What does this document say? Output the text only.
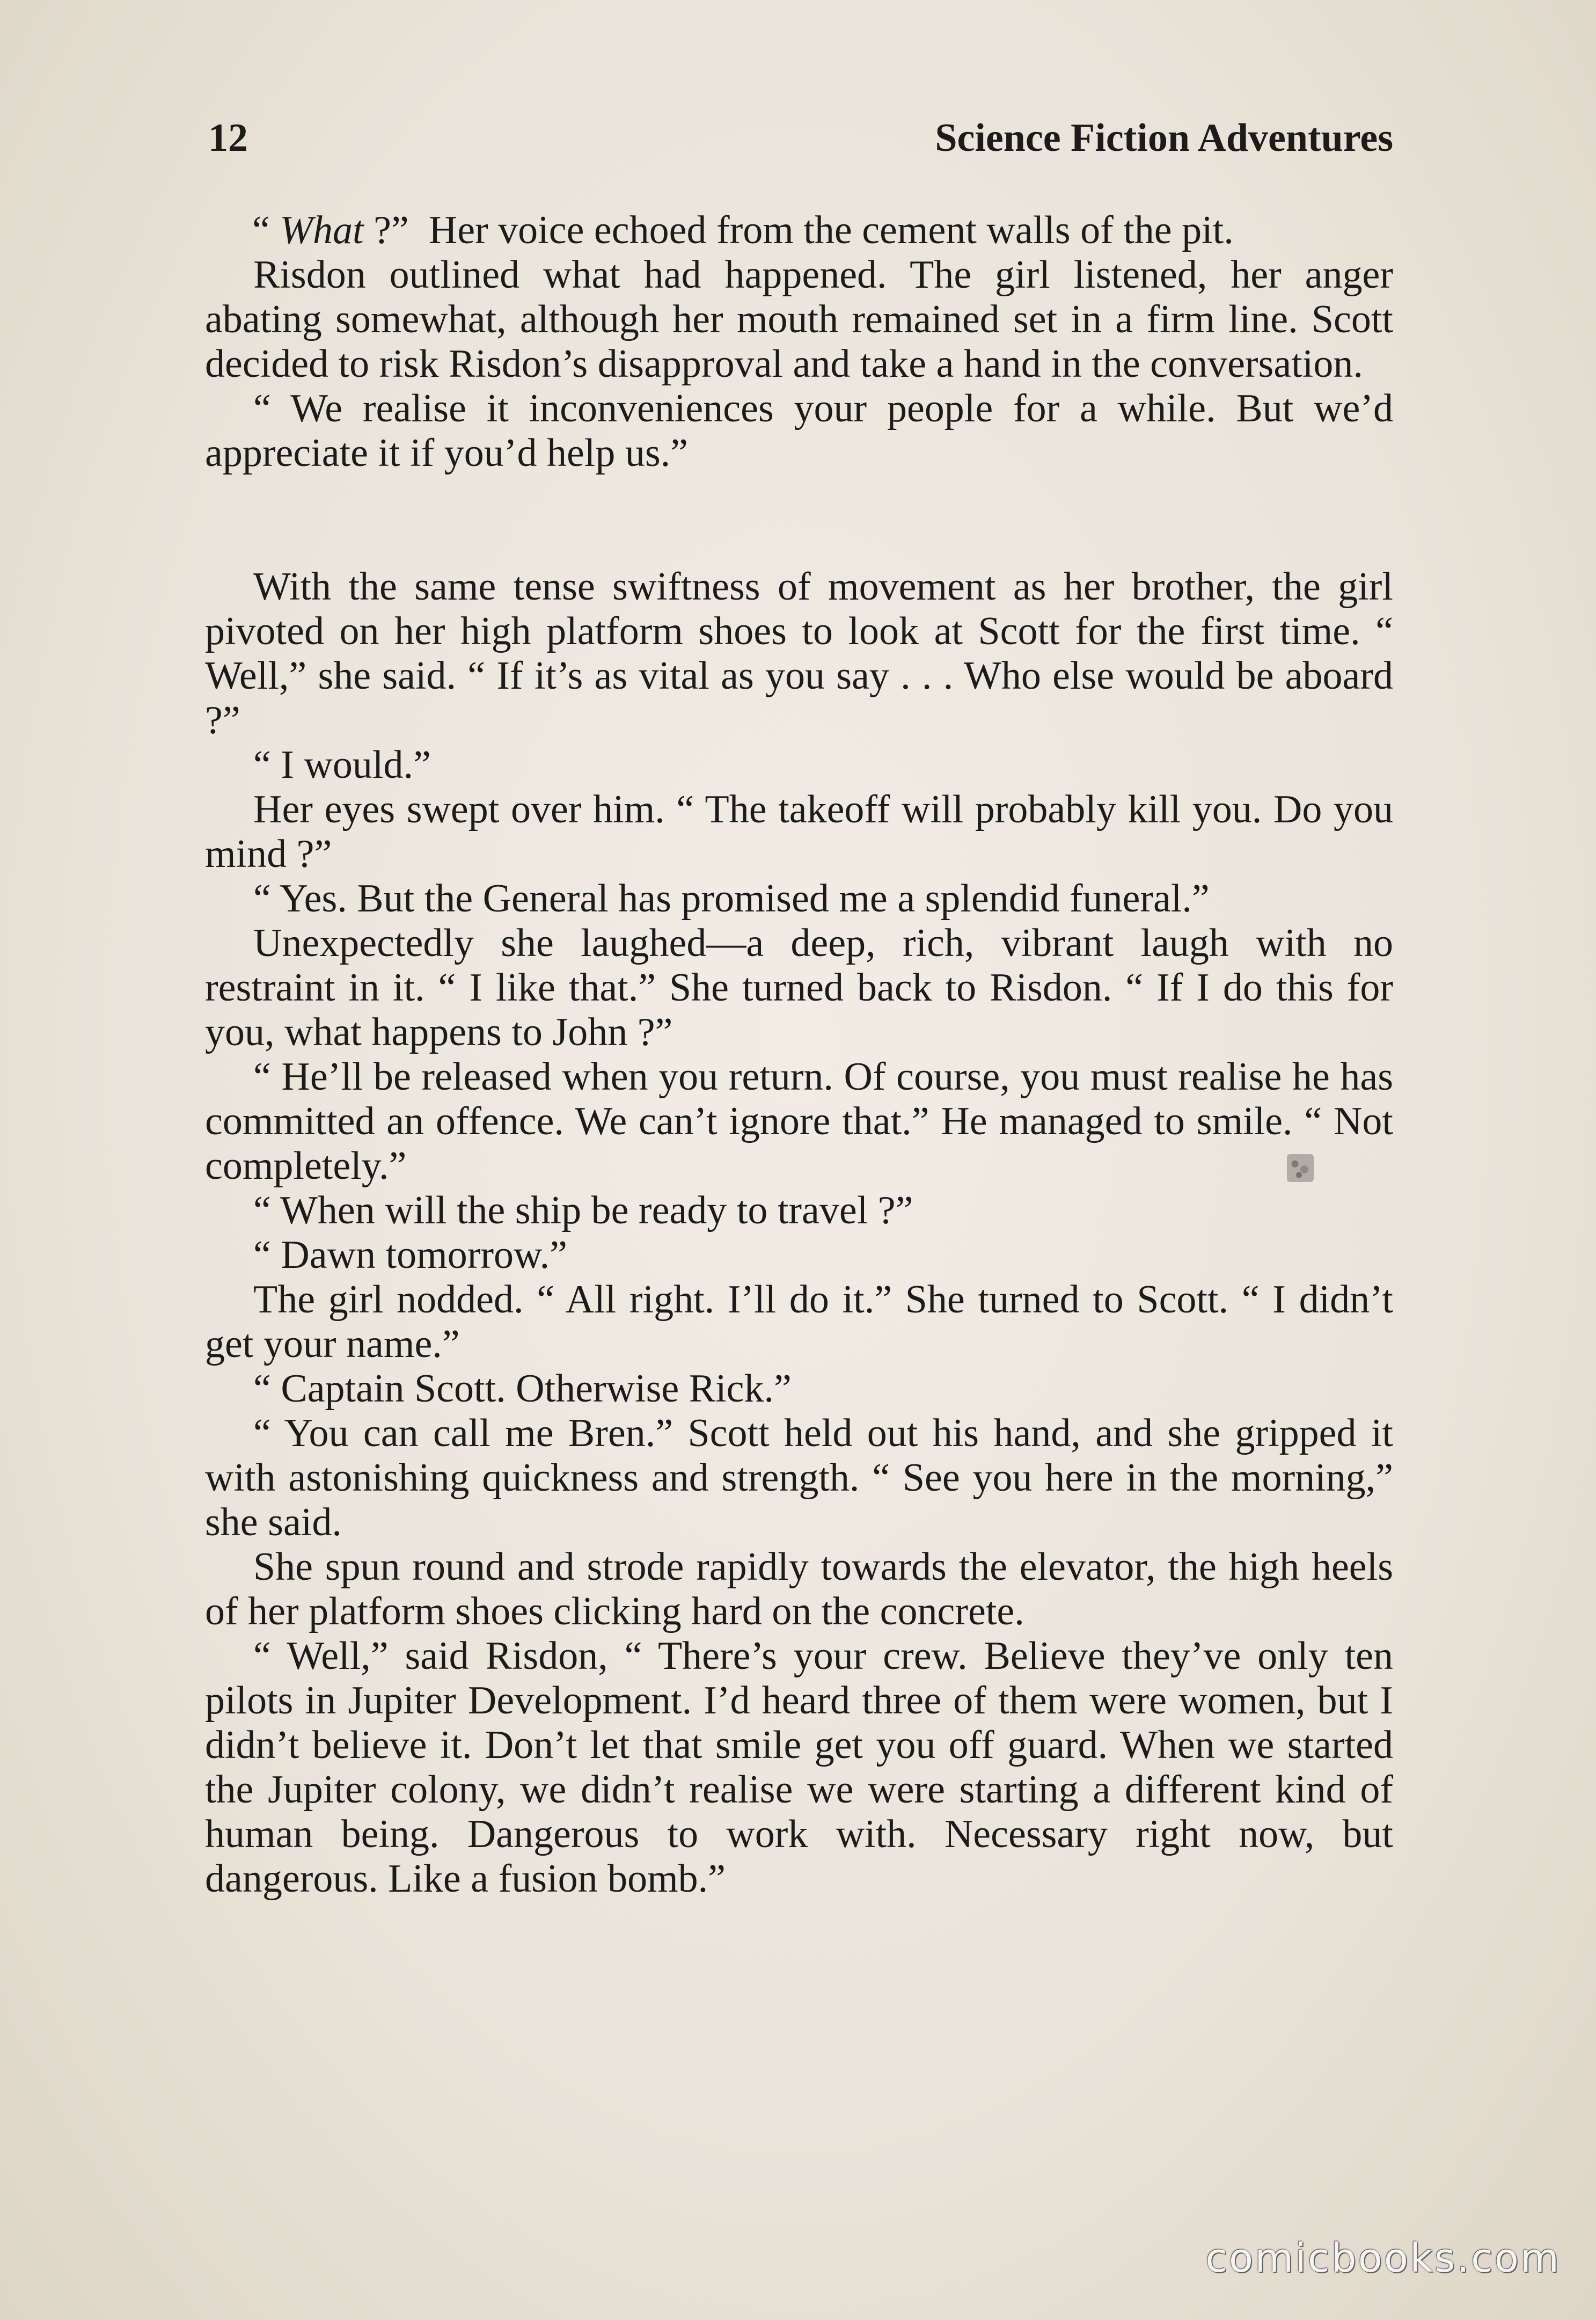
12	Science Fiction Adventures

“ What ?”  Her voice echoed from the cement walls of the pit.

Risdon outlined what had happened. The girl listened, her anger abating somewhat, although her mouth remained set in a firm line. Scott decided to risk Risdon’s disapproval and take a hand in the conversation.

“ We realise it inconveniences your people for a while. But we’d appreciate it if you’d help us.”

With the same tense swiftness of movement as her brother, the girl pivoted on her high platform shoes to look at Scott for the first time. “ Well,” she said. “ If it’s as vital as you say . . . Who else would be aboard ?”

“ I would.”

Her eyes swept over him. “ The takeoff will probably kill you. Do you mind ?”

“ Yes. But the General has promised me a splendid funeral.”

Unexpectedly she laughed—a deep, rich, vibrant laugh with no restraint in it. “ I like that.” She turned back to Risdon. “ If I do this for you, what happens to John ?”

“ He’ll be released when you return. Of course, you must realise he has committed an offence. We can’t ignore that.” He managed to smile. “ Not completely.”

“ When will the ship be ready to travel ?”

“ Dawn tomorrow.”

The girl nodded. “ All right. I’ll do it.” She turned to Scott. “ I didn’t get your name.”

“ Captain Scott. Otherwise Rick.”

“ You can call me Bren.” Scott held out his hand, and she gripped it with astonishing quickness and strength. “ See you here in the morning,” she said.

She spun round and strode rapidly towards the elevator, the high heels of her platform shoes clicking hard on the concrete.

“ Well,” said Risdon, “ There’s your crew. Believe they’ve only ten pilots in Jupiter Development. I’d heard three of them were women, but I didn’t believe it. Don’t let that smile get you off guard. When we started the Jupiter colony, we didn’t realise we were starting a different kind of human being. Dangerous to work with. Necessary right now, but dangerous. Like a fusion bomb.”

comicbooks.com
